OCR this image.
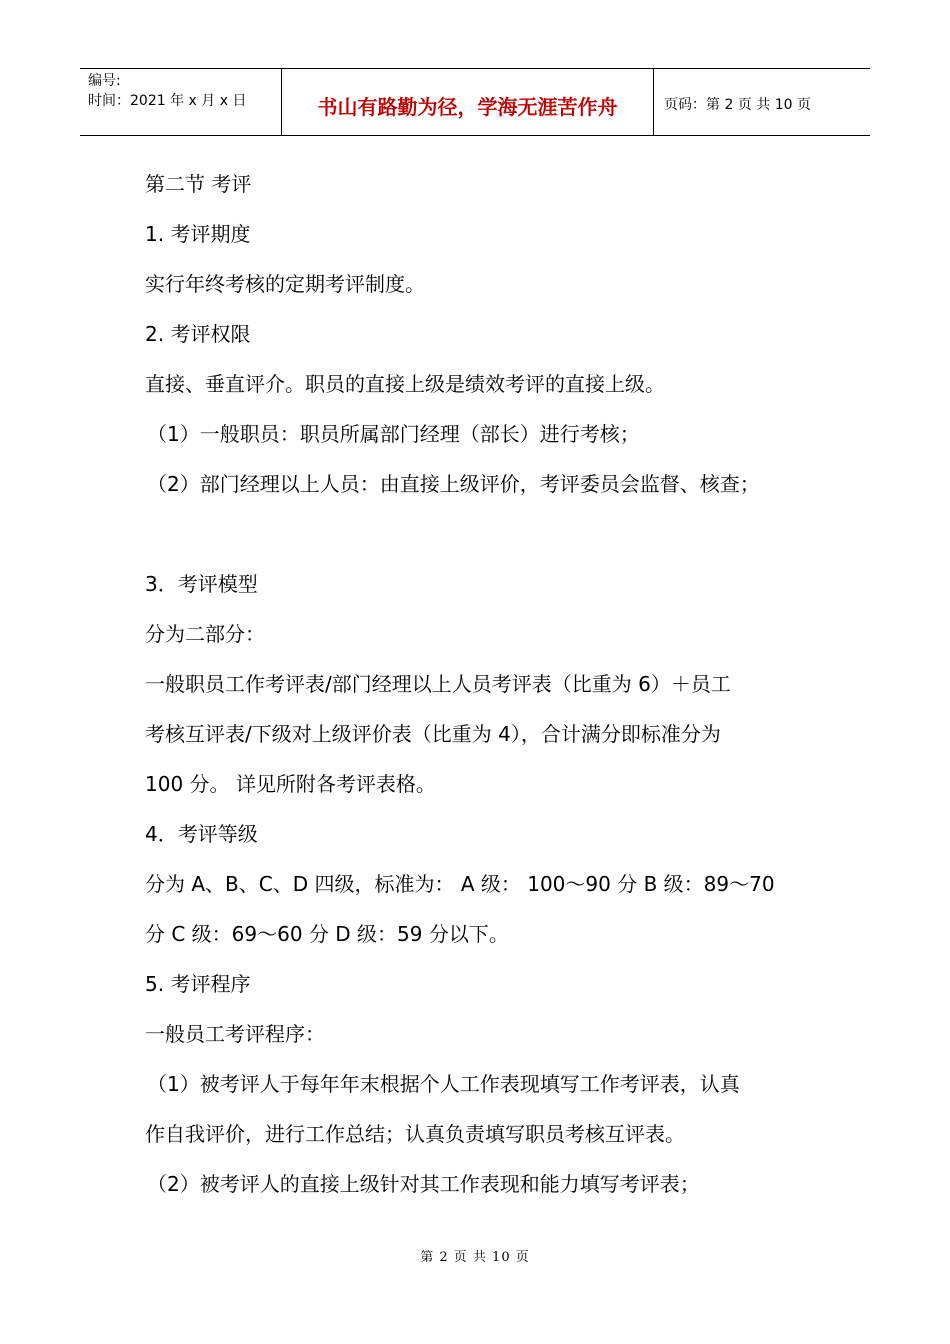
编号:
时间：2021 年 x 月 x 日	书山有路勤为径，学海无涯苦作舟	页码：第 2 页 共 10 页
第二节 考评
1. 考评期度
实行年终考核的定期考评制度。
2. 考评权限
直接、垂直评介。职员的直接上级是绩效考评的直接上级。
（1）一般职员：职员所属部门经理（部长）进行考核；
（2）部门经理以上人员：由直接上级评价，考评委员会监督、核查；
3．考评模型
分为二部分：
一般职员工作考评表/部门经理以上人员考评表（比重为 6）＋员工
考核互评表/下级对上级评价表（比重为 4），合计满分即标准分为
100 分。 详见所附各考评表格。
4．考评等级
分为 A、B、C、D 四级，标准为： A 级： 100～90 分 B 级：89～70
分 C 级：69～60 分 D 级：59 分以下。
5. 考评程序
一般员工考评程序：
（1）被考评人于每年年末根据个人工作表现填写工作考评表，认真
作自我评价，进行工作总结；认真负责填写职员考核互评表。
（2）被考评人的直接上级针对其工作表现和能力填写考评表；
第 2 页 共 10 页
